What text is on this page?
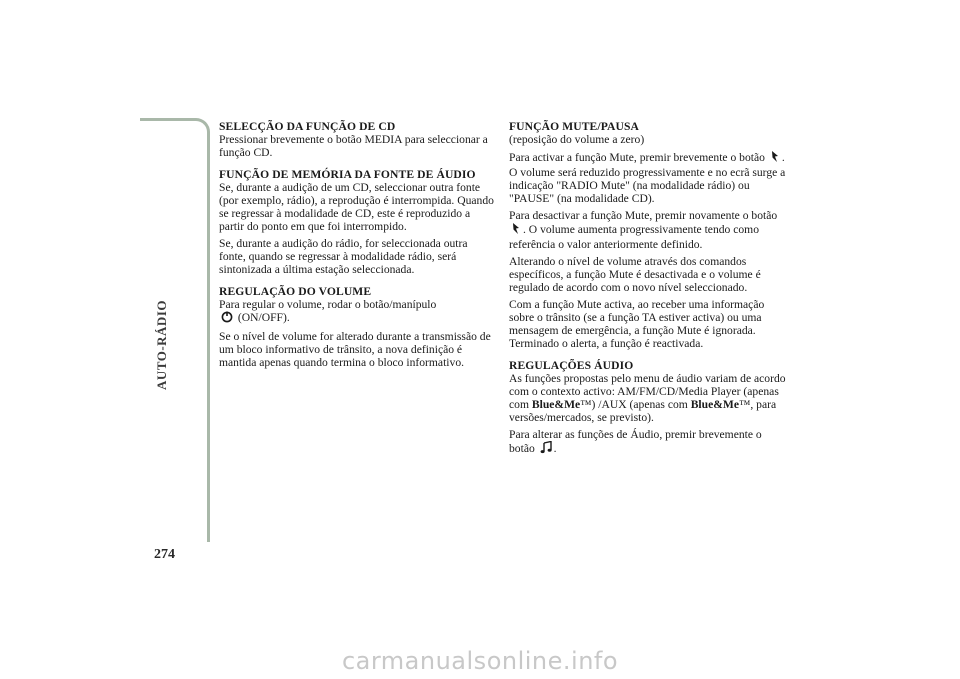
AUTO-RÁDIO
274

SELECÇÃO DA FUNÇÃO DE CD

Pressionar brevemente o botão MEDIA para seleccionar a função CD.

FUNÇÃO DE MEMÓRIA DA FONTE DE ÁUDIO

Se, durante a audição de um CD, seleccionar outra fonte (por exemplo, rádio), a reprodução é interrompida. Quando se regressar à modalidade de CD, este é reproduzido a partir do ponto em que foi interrompido.

Se, durante a audição do rádio, for seleccionada outra fonte, quando se regressar à modalidade rádio, será sintonizada a última estação seleccionada.

REGULAÇÃO DO VOLUME

Para regular o volume, rodar o botão/manípulo
(ON/OFF).

Se o nível de volume for alterado durante a transmissão de um bloco informativo de trânsito, a nova definição é mantida apenas quando termina o bloco informativo.

FUNÇÃO MUTE/PAUSA

(reposição do volume a zero)

Para activar a função Mute, premir brevemente o botão . O volume será reduzido progressivamente e no ecrã surge a indicação "RADIO Mute" (na modalidade rádio) ou "PAUSE" (na modalidade CD).

Para desactivar a função Mute, premir novamente o botão . O volume aumenta progressivamente tendo como referência o valor anteriormente definido.

Alterando o nível de volume através dos comandos específicos, a função Mute é desactivada e o volume é regulado de acordo com o novo nível seleccionado.

Com a função Mute activa, ao receber uma informação sobre o trânsito (se a função TA estiver activa) ou uma mensagem de emergência, a função Mute é ignorada. Terminado o alerta, a função é reactivada.

REGULAÇÕES ÁUDIO

As funções propostas pelo menu de áudio variam de acordo com o contexto activo: AM/FM/CD/Media Player (apenas com Blue&Me™) /AUX (apenas com Blue&Me™, para versões/mercados, se previsto).

Para alterar as funções de Áudio, premir brevemente o botão .

carmanualsonline.info
